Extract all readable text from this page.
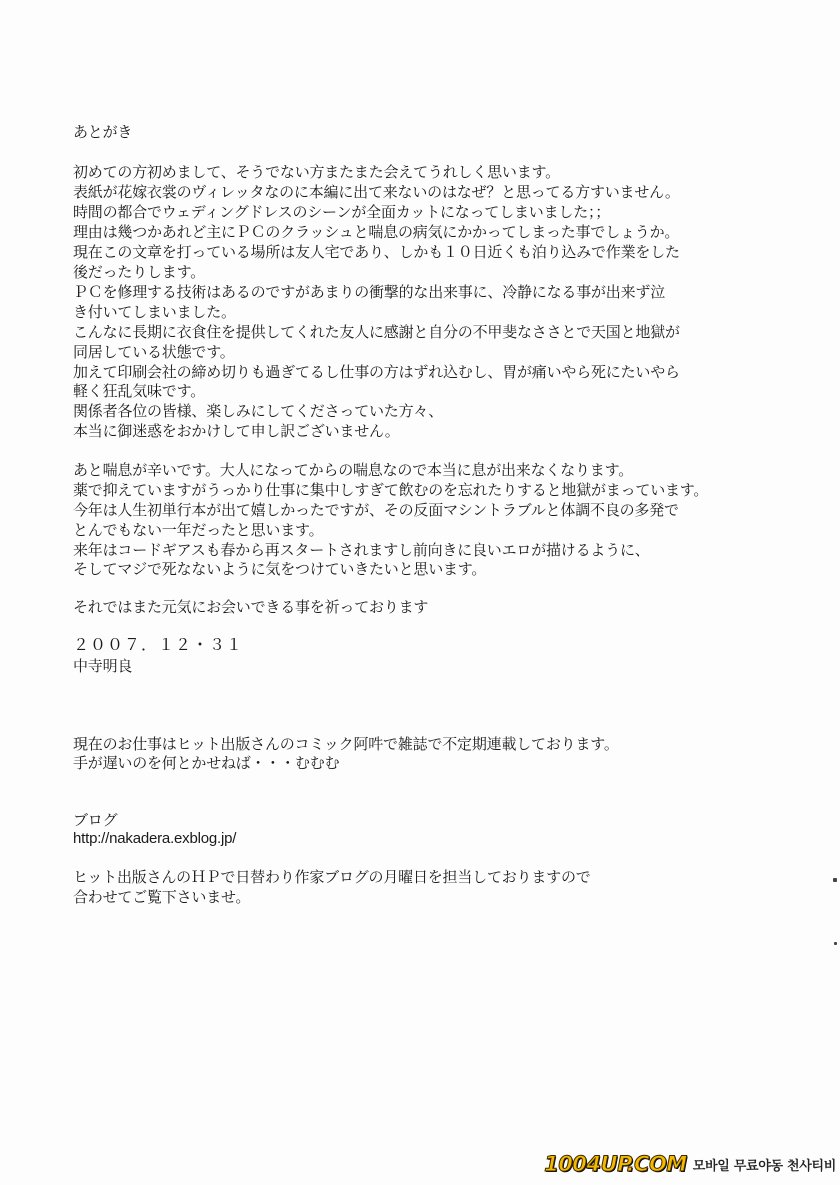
あとがき
初めての方初めまして、そうでない方またまた会えてうれしく思います。
表紙が花嫁衣裳のヴィレッタなのに本編に出て来ないのはなぜ？と思ってる方すいません。
時間の都合でウェディングドレスのシーンが全面カットになってしまいました；；
理由は幾つかあれど主にＰＣのクラッシュと喘息の病気にかかってしまった事でしょうか。
現在この文章を打っている場所は友人宅であり、しかも１０日近くも泊り込みで作業をした
後だったりします。
ＰＣを修理する技術はあるのですがあまりの衝撃的な出来事に、冷静になる事が出来ず泣
き付いてしまいました。
こんなに長期に衣食住を提供してくれた友人に感謝と自分の不甲斐なささとで天国と地獄が
同居している状態です。
加えて印刷会社の締め切りも過ぎてるし仕事の方はずれ込むし、胃が痛いやら死にたいやら
軽く狂乱気味です。
関係者各位の皆様、楽しみにしてくださっていた方々、
本当に御迷惑をおかけして申し訳ございません。
あと喘息が辛いです。大人になってからの喘息なので本当に息が出来なくなります。
薬で抑えていますがうっかり仕事に集中しすぎて飲むのを忘れたりすると地獄がまっています。
今年は人生初単行本が出て嬉しかったですが、その反面マシントラブルと体調不良の多発で
とんでもない一年だったと思います。
来年はコードギアスも春から再スタートされますし前向きに良いエロが描けるように、
そしてマジで死なないように気をつけていきたいと思います。
それではまた元気にお会いできる事を祈っております
２００７．１２・３１
中寺明良
現在のお仕事はヒット出版さんのコミック阿吽で雑誌で不定期連載しております。
手が遅いのを何とかせねば・・・むむむ
ブログ
http://nakadera.exblog.jp/
ヒット出版さんのＨＰで日替わり作家ブログの月曜日を担当しておりますので
合わせてご覧下さいませ。
1004UP.COM 모바일 무료야동 천사티비
